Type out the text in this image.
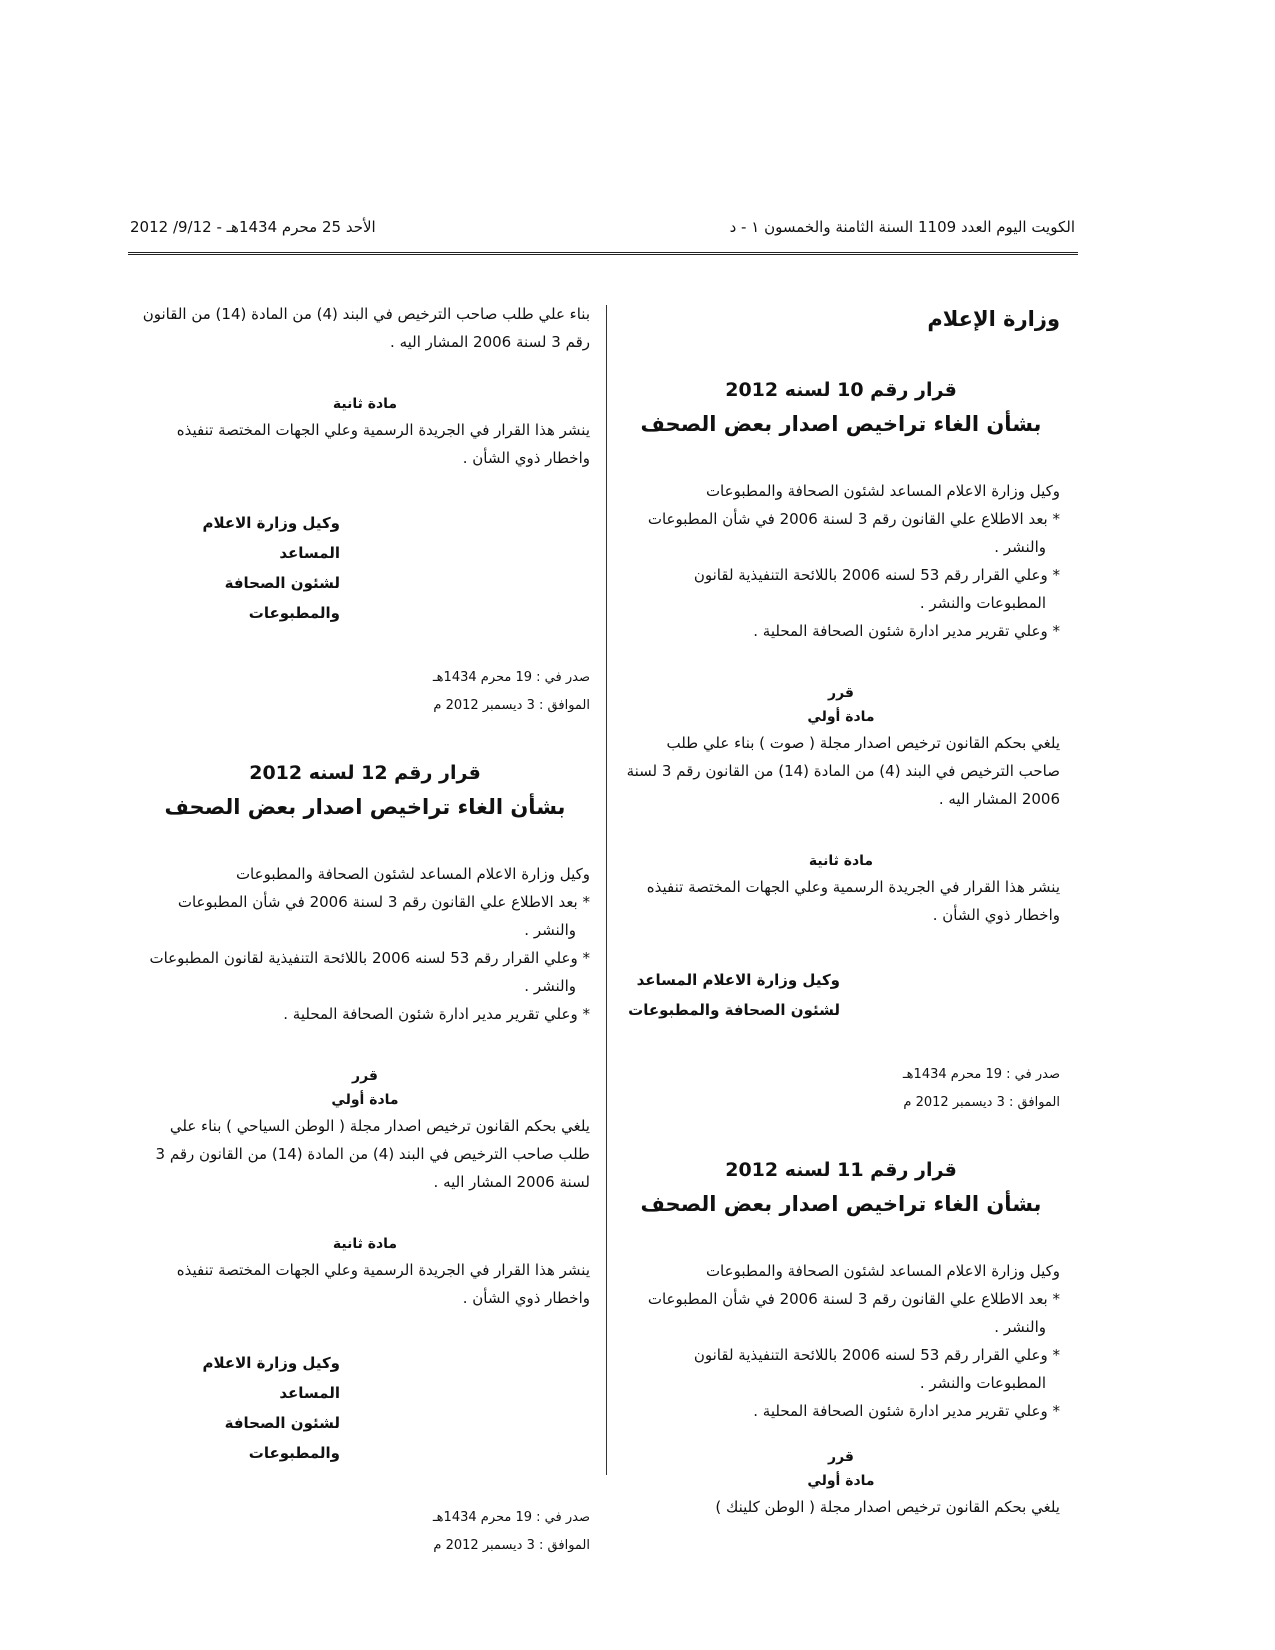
الكويت اليوم العدد 1109 السنة الثامنة والخمسون ١ - د
الأحد 25 محرم 1434هـ - 9/12/ 2012
وزارة الإعلام
قرار رقم 10 لسنه 2012
بشأن الغاء تراخيص اصدار بعض الصحف

وكيل وزارة الاعلام المساعد لشئون الصحافة والمطبوعات

* بعد الاطلاع علي القانون رقم 3 لسنة 2006 في شأن المطبوعات والنشر .

* وعلي القرار رقم 53 لسنه 2006 باللائحة التنفيذية لقانون المطبوعات والنشر .

* وعلي تقرير مدير ادارة شئون الصحافة المحلية .

قرر
مادة أولي

يلغي بحكم القانون ترخيص اصدار مجلة ( صوت ) بناء علي طلب صاحب الترخيص في البند (4) من المادة (14) من القانون رقم 3 لسنة 2006 المشار اليه .

مادة ثانية

ينشر هذا القرار في الجريدة الرسمية وعلي الجهات المختصة تنفيذه واخطار ذوي الشأن .

وكيل وزارة الاعلام المساعد
لشئون الصحافة والمطبوعات
صدر في : 19 محرم 1434هـ
الموافق : 3 ديسمبر 2012 م
قرار رقم 11 لسنه 2012
بشأن الغاء تراخيص اصدار بعض الصحف

وكيل وزارة الاعلام المساعد لشئون الصحافة والمطبوعات

* بعد الاطلاع علي القانون رقم 3 لسنة 2006 في شأن المطبوعات والنشر .

* وعلي القرار رقم 53 لسنه 2006 باللائحة التنفيذية لقانون المطبوعات والنشر .

* وعلي تقرير مدير ادارة شئون الصحافة المحلية .

قرر
مادة أولي

يلغي بحكم القانون ترخيص اصدار مجلة ( الوطن كلينك )

بناء علي طلب صاحب الترخيص في البند (4) من المادة (14) من القانون رقم 3 لسنة 2006 المشار اليه .

مادة ثانية

ينشر هذا القرار في الجريدة الرسمية وعلي الجهات المختصة تنفيذه واخطار ذوي الشأن .

وكيل وزارة الاعلام المساعد
لشئون الصحافة والمطبوعات
صدر في : 19 محرم 1434هـ
الموافق : 3 ديسمبر 2012 م
قرار رقم 12 لسنه 2012
بشأن الغاء تراخيص اصدار بعض الصحف

وكيل وزارة الاعلام المساعد لشئون الصحافة والمطبوعات

* بعد الاطلاع علي القانون رقم 3 لسنة 2006 في شأن المطبوعات والنشر .

* وعلي القرار رقم 53 لسنه 2006 باللائحة التنفيذية لقانون المطبوعات والنشر .

* وعلي تقرير مدير ادارة شئون الصحافة المحلية .

قرر
مادة أولي

يلغي بحكم القانون ترخيص اصدار مجلة ( الوطن السياحي ) بناء علي طلب صاحب الترخيص في البند (4) من المادة (14) من القانون رقم 3 لسنة 2006 المشار اليه .

مادة ثانية

ينشر هذا القرار في الجريدة الرسمية وعلي الجهات المختصة تنفيذه واخطار ذوي الشأن .

وكيل وزارة الاعلام المساعد
لشئون الصحافة والمطبوعات
صدر في : 19 محرم 1434هـ
الموافق : 3 ديسمبر 2012 م
